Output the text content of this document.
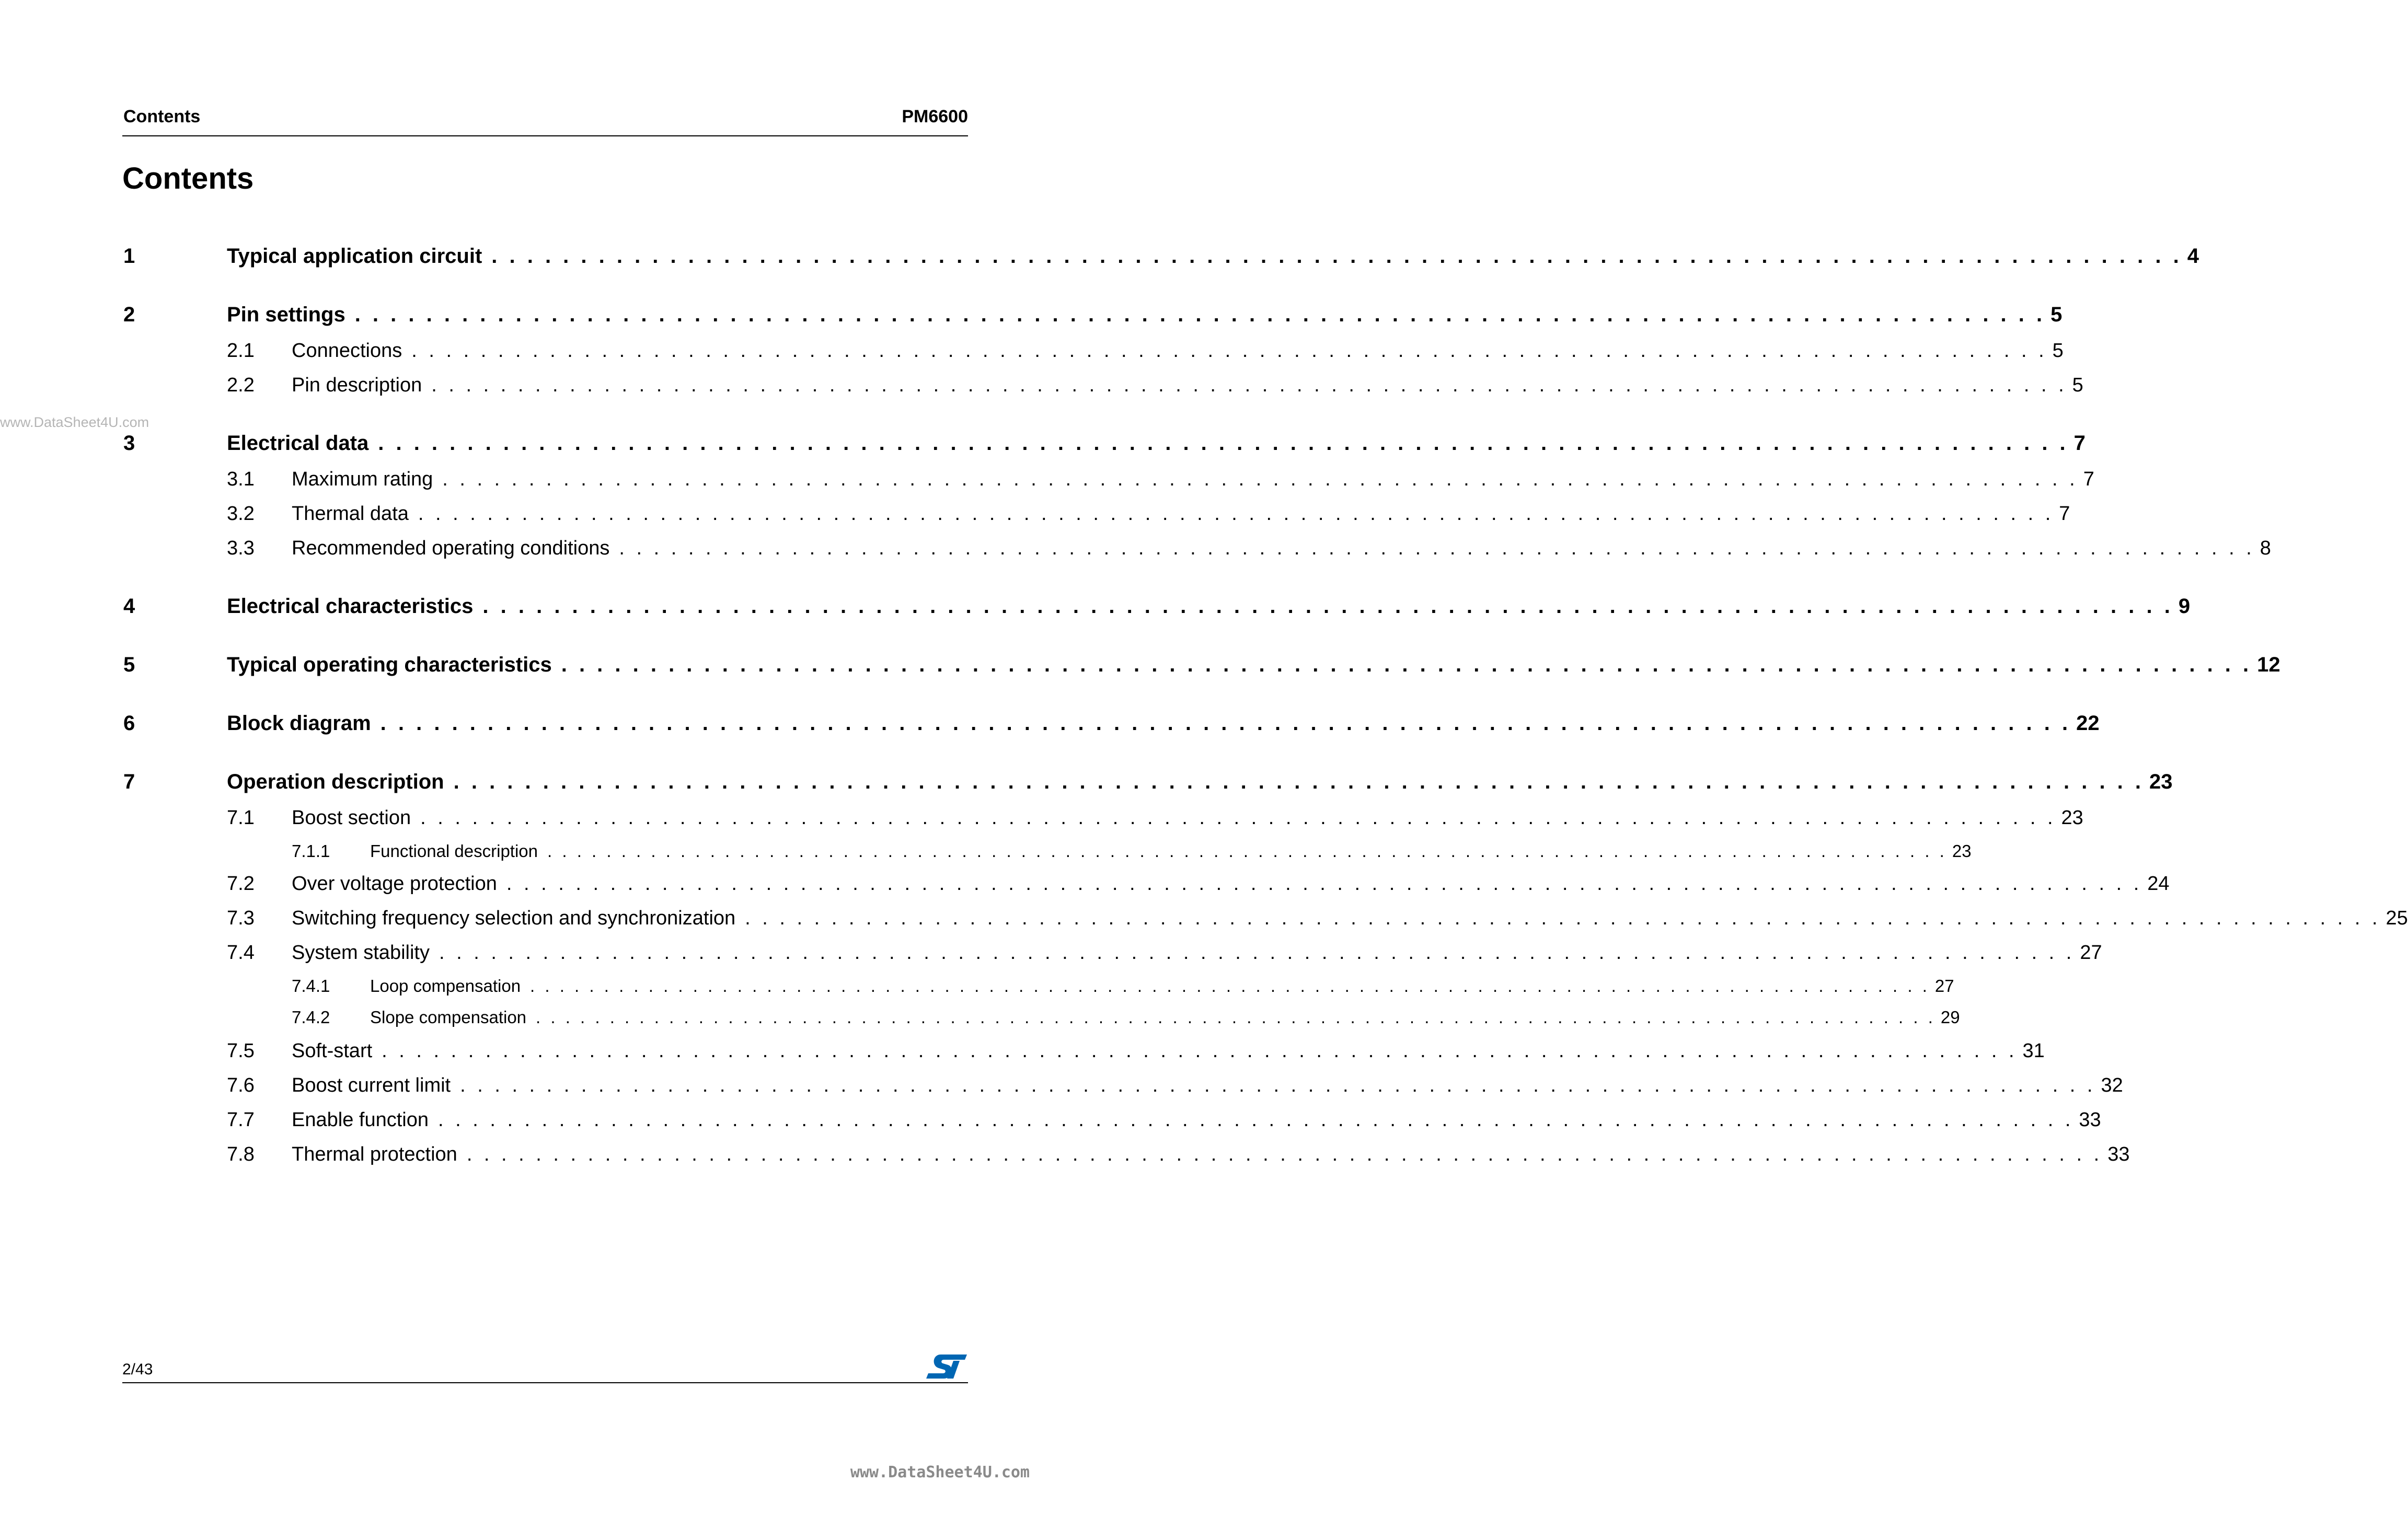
Contents	PM6600
Contents
www.DataSheet4U.com
1	Typical application circuit . . . . . . . . . . . . . . . . . . . . . . . . . . . . . . . . . . . . . . . . . . . . . . . . . . . . . . . . . . . . . . . . . . . . . . . . . . . . . . . . . . . . . . . . . . . . . . . 4
2	Pin settings . . . . . . . . . . . . . . . . . . . . . . . . . . . . . . . . . . . . . . . . . . . . . . . . . . . . . . . . . . . . . . . . . . . . . . . . . . . . . . . . . . . . . . . . . . . . . . . 5
2.1 Connections . . . . . . . . . . . . . . . . . . . . . . . . . . . . . . . . . . . . . . . . . . . . . . . . . . . . . . . . . . . . . . . . . . . . . . . . . . . . . . . . . . . . . . . . . . . . . . . 5
2.2 Pin description . . . . . . . . . . . . . . . . . . . . . . . . . . . . . . . . . . . . . . . . . . . . . . . . . . . . . . . . . . . . . . . . . . . . . . . . . . . . . . . . . . . . . . . . . . . . . . . 5
3	Electrical data . . . . . . . . . . . . . . . . . . . . . . . . . . . . . . . . . . . . . . . . . . . . . . . . . . . . . . . . . . . . . . . . . . . . . . . . . . . . . . . . . . . . . . . . . . . . . . . 7
3.1 Maximum rating . . . . . . . . . . . . . . . . . . . . . . . . . . . . . . . . . . . . . . . . . . . . . . . . . . . . . . . . . . . . . . . . . . . . . . . . . . . . . . . . . . . . . . . . . . . . . . . 7
3.2 Thermal data . . . . . . . . . . . . . . . . . . . . . . . . . . . . . . . . . . . . . . . . . . . . . . . . . . . . . . . . . . . . . . . . . . . . . . . . . . . . . . . . . . . . . . . . . . . . . . . 7
3.3 Recommended operating conditions . . . . . . . . . . . . . . . . . . . . . . . . . . . . . . . . . . . . . . . . . . . . . . . . . . . . . . . . . . . . . . . . . . . . . . . . . . . . . . . . . . . . . . . . . . . . . . . 8
4	Electrical characteristics . . . . . . . . . . . . . . . . . . . . . . . . . . . . . . . . . . . . . . . . . . . . . . . . . . . . . . . . . . . . . . . . . . . . . . . . . . . . . . . . . . . . . . . . . . . . . . . 9
5	Typical operating characteristics . . . . . . . . . . . . . . . . . . . . . . . . . . . . . . . . . . . . . . . . . . . . . . . . . . . . . . . . . . . . . . . . . . . . . . . . . . . . . . . . . . . . . . . . . . . . . . . 12
6	Block diagram . . . . . . . . . . . . . . . . . . . . . . . . . . . . . . . . . . . . . . . . . . . . . . . . . . . . . . . . . . . . . . . . . . . . . . . . . . . . . . . . . . . . . . . . . . . . . . . 22
7	Operation description . . . . . . . . . . . . . . . . . . . . . . . . . . . . . . . . . . . . . . . . . . . . . . . . . . . . . . . . . . . . . . . . . . . . . . . . . . . . . . . . . . . . . . . . . . . . . . . 23
7.1 Boost section . . . . . . . . . . . . . . . . . . . . . . . . . . . . . . . . . . . . . . . . . . . . . . . . . . . . . . . . . . . . . . . . . . . . . . . . . . . . . . . . . . . . . . . . . . . . . . . 23
7.1.1 Functional description . . . . . . . . . . . . . . . . . . . . . . . . . . . . . . . . . . . . . . . . . . . . . . . . . . . . . . . . . . . . . . . . . . . . . . . . . . . . . . . . . . . . . . . . . . . . . . . 23
7.2 Over voltage protection . . . . . . . . . . . . . . . . . . . . . . . . . . . . . . . . . . . . . . . . . . . . . . . . . . . . . . . . . . . . . . . . . . . . . . . . . . . . . . . . . . . . . . . . . . . . . . . 24
7.3 Switching frequency selection and synchronization . . . . . . . . . . . . . . . . . . . . . . . . . . . . . . . . . . . . . . . . . . . . . . . . . . . . . . . . . . . . . . . . . . . . . . . . . . . . . . . . . . . . . . . . . . . . . . . 25
7.4 System stability . . . . . . . . . . . . . . . . . . . . . . . . . . . . . . . . . . . . . . . . . . . . . . . . . . . . . . . . . . . . . . . . . . . . . . . . . . . . . . . . . . . . . . . . . . . . . . . 27
7.4.1 Loop compensation . . . . . . . . . . . . . . . . . . . . . . . . . . . . . . . . . . . . . . . . . . . . . . . . . . . . . . . . . . . . . . . . . . . . . . . . . . . . . . . . . . . . . . . . . . . . . . . 27
7.4.2 Slope compensation . . . . . . . . . . . . . . . . . . . . . . . . . . . . . . . . . . . . . . . . . . . . . . . . . . . . . . . . . . . . . . . . . . . . . . . . . . . . . . . . . . . . . . . . . . . . . . . 29
7.5 Soft-start . . . . . . . . . . . . . . . . . . . . . . . . . . . . . . . . . . . . . . . . . . . . . . . . . . . . . . . . . . . . . . . . . . . . . . . . . . . . . . . . . . . . . . . . . . . . . . . 31
7.6 Boost current limit . . . . . . . . . . . . . . . . . . . . . . . . . . . . . . . . . . . . . . . . . . . . . . . . . . . . . . . . . . . . . . . . . . . . . . . . . . . . . . . . . . . . . . . . . . . . . . . 32
7.7 Enable function . . . . . . . . . . . . . . . . . . . . . . . . . . . . . . . . . . . . . . . . . . . . . . . . . . . . . . . . . . . . . . . . . . . . . . . . . . . . . . . . . . . . . . . . . . . . . . . 33
7.8 Thermal protection . . . . . . . . . . . . . . . . . . . . . . . . . . . . . . . . . . . . . . . . . . . . . . . . . . . . . . . . . . . . . . . . . . . . . . . . . . . . . . . . . . . . . . . . . . . . . . . 33
2/43
www.DataSheet4U.com
